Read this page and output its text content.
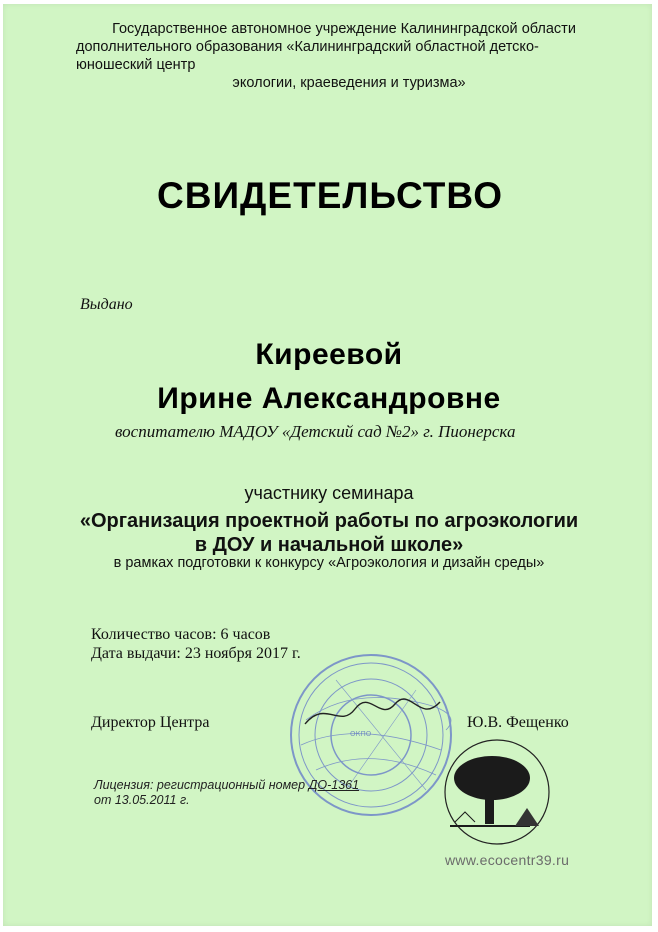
Государственное автономное учреждение Калининградской области
дополнительного образования «Калининградский областной детско-юношеский центр
экологии, краеведения и туризма»
СВИДЕТЕЛЬСТВО
Выдано
Киреевой
Ирине Александровне
воспитателю МАДОУ «Детский сад №2» г. Пионерска
участнику семинара
«Организация проектной работы по агроэкологии
в ДОУ и начальной школе»
в рамках подготовки к конкурсу «Агроэкология и дизайн среды»
Количество часов: 6 часов
Дата выдачи: 23 ноября 2017 г.
ОКПО
Директор Центра	Ю.В. Фещенко
Лицензия: регистрационный номер ДО-1361
от 13.05.2011 г.
www.ecocentr39.ru
